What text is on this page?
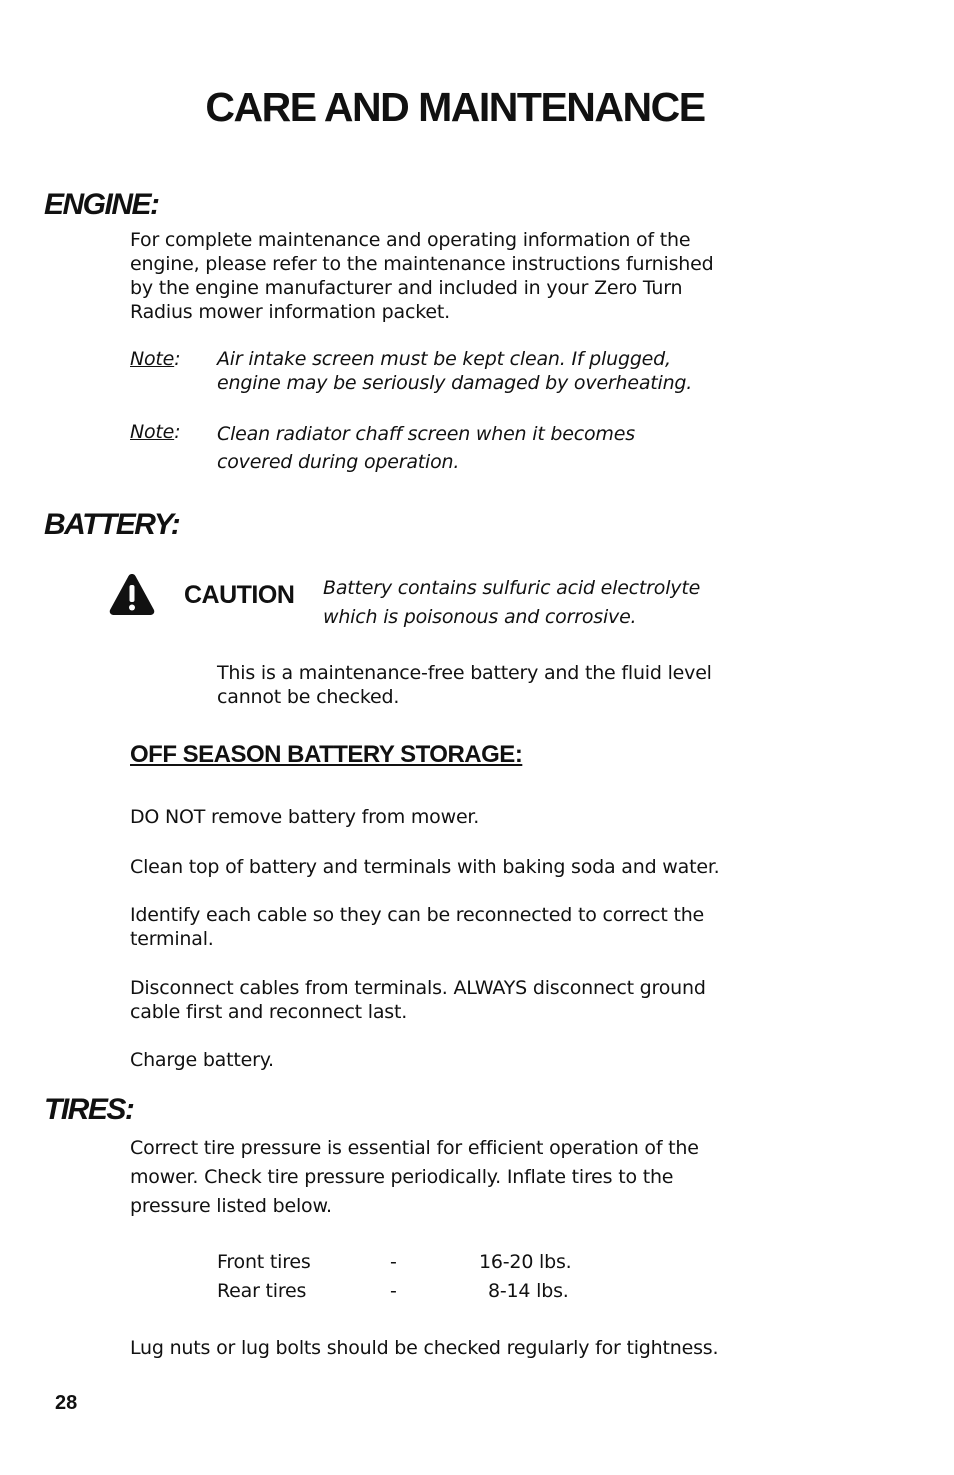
CARE AND MAINTENANCE
ENGINE:
For complete maintenance and operating information of the
engine, please refer to the maintenance instructions furnished
by the engine manufacturer and included in your Zero Turn
Radius mower information packet.
Note: Air intake screen must be kept clean. If plugged,
engine may be seriously damaged by overheating.
Note: Clean radiator chaff screen when it becomes
covered during operation.
BATTERY:
CAUTION Battery contains sulfuric acid electrolyte
which is poisonous and corrosive.
This is a maintenance-free battery and the fluid level
cannot be checked.
OFF SEASON BATTERY STORAGE:
DO NOT remove battery from mower.
Clean top of battery and terminals with baking soda and water.
Identify each cable so they can be reconnected to correct the
terminal.
Disconnect cables from terminals. ALWAYS disconnect ground
cable first and reconnect last.
Charge battery.
TIRES:
Correct tire pressure is essential for efficient operation of the
mower. Check tire pressure periodically. Inflate tires to the
pressure listed below.
Front tires	-	16-20 lbs.
Rear tires	-	8-14 lbs.
Lug nuts or lug bolts should be checked regularly for tightness.
28
